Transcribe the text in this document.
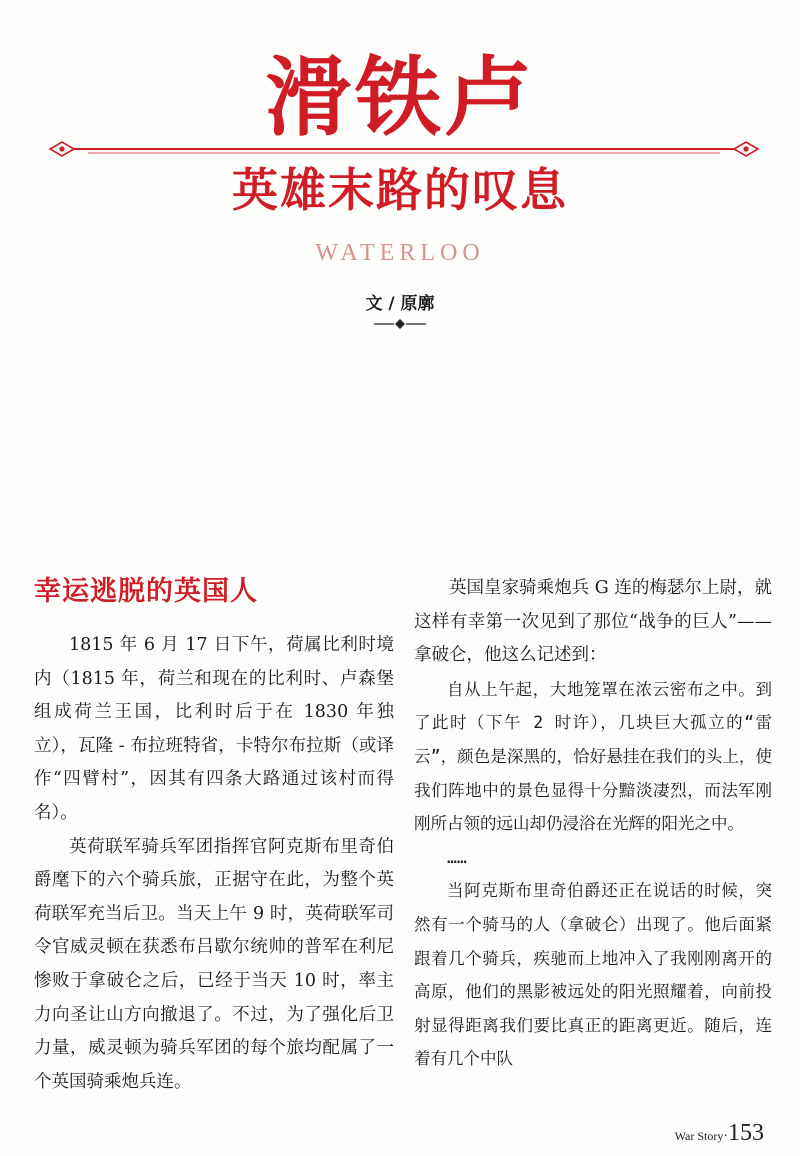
滑铁卢
英雄末路的叹息
WATERLOO
文 / 原廓
幸运逃脱的英国人

1815 年 6 月 17 日下午，荷属比利时境内（1815 年，荷兰和现在的比利时、卢森堡组成荷兰王国，比利时后于在 1830 年独立），瓦隆 - 布拉班特省，卡特尔布拉斯（或译作“四臂村”，因其有四条大路通过该村而得名）。

英荷联军骑兵军团指挥官阿克斯布里奇伯爵麾下的六个骑兵旅，正据守在此，为整个英荷联军充当后卫。当天上午 9 时，英荷联军司令官威灵顿在获悉布吕歇尔统帅的普军在利尼惨败于拿破仑之后，已经于当天 10 时，率主力向圣让山方向撤退了。不过，为了强化后卫力量，威灵顿为骑兵军团的每个旅均配属了一个英国骑乘炮兵连。

英国皇家骑乘炮兵 G 连的梅瑟尔上尉，就这样有幸第一次见到了那位“战争的巨人”——拿破仑，他这么记述到：

自从上午起，大地笼罩在浓云密布之中。到了此时（下午 2 时许），几块巨大孤立的“雷云”，颜色是深黑的，恰好悬挂在我们的头上，使我们阵地中的景色显得十分黯淡凄烈，而法军刚刚所占领的远山却仍浸浴在光辉的阳光之中。

……

当阿克斯布里奇伯爵还正在说话的时候，突然有一个骑马的人（拿破仑）出现了。他后面紧跟着几个骑兵，疾驰而上地冲入了我刚刚离开的高原，他们的黑影被远处的阳光照耀着，向前投射显得距离我们要比真正的距离更近。随后，连着有几个中队

War Story·153
